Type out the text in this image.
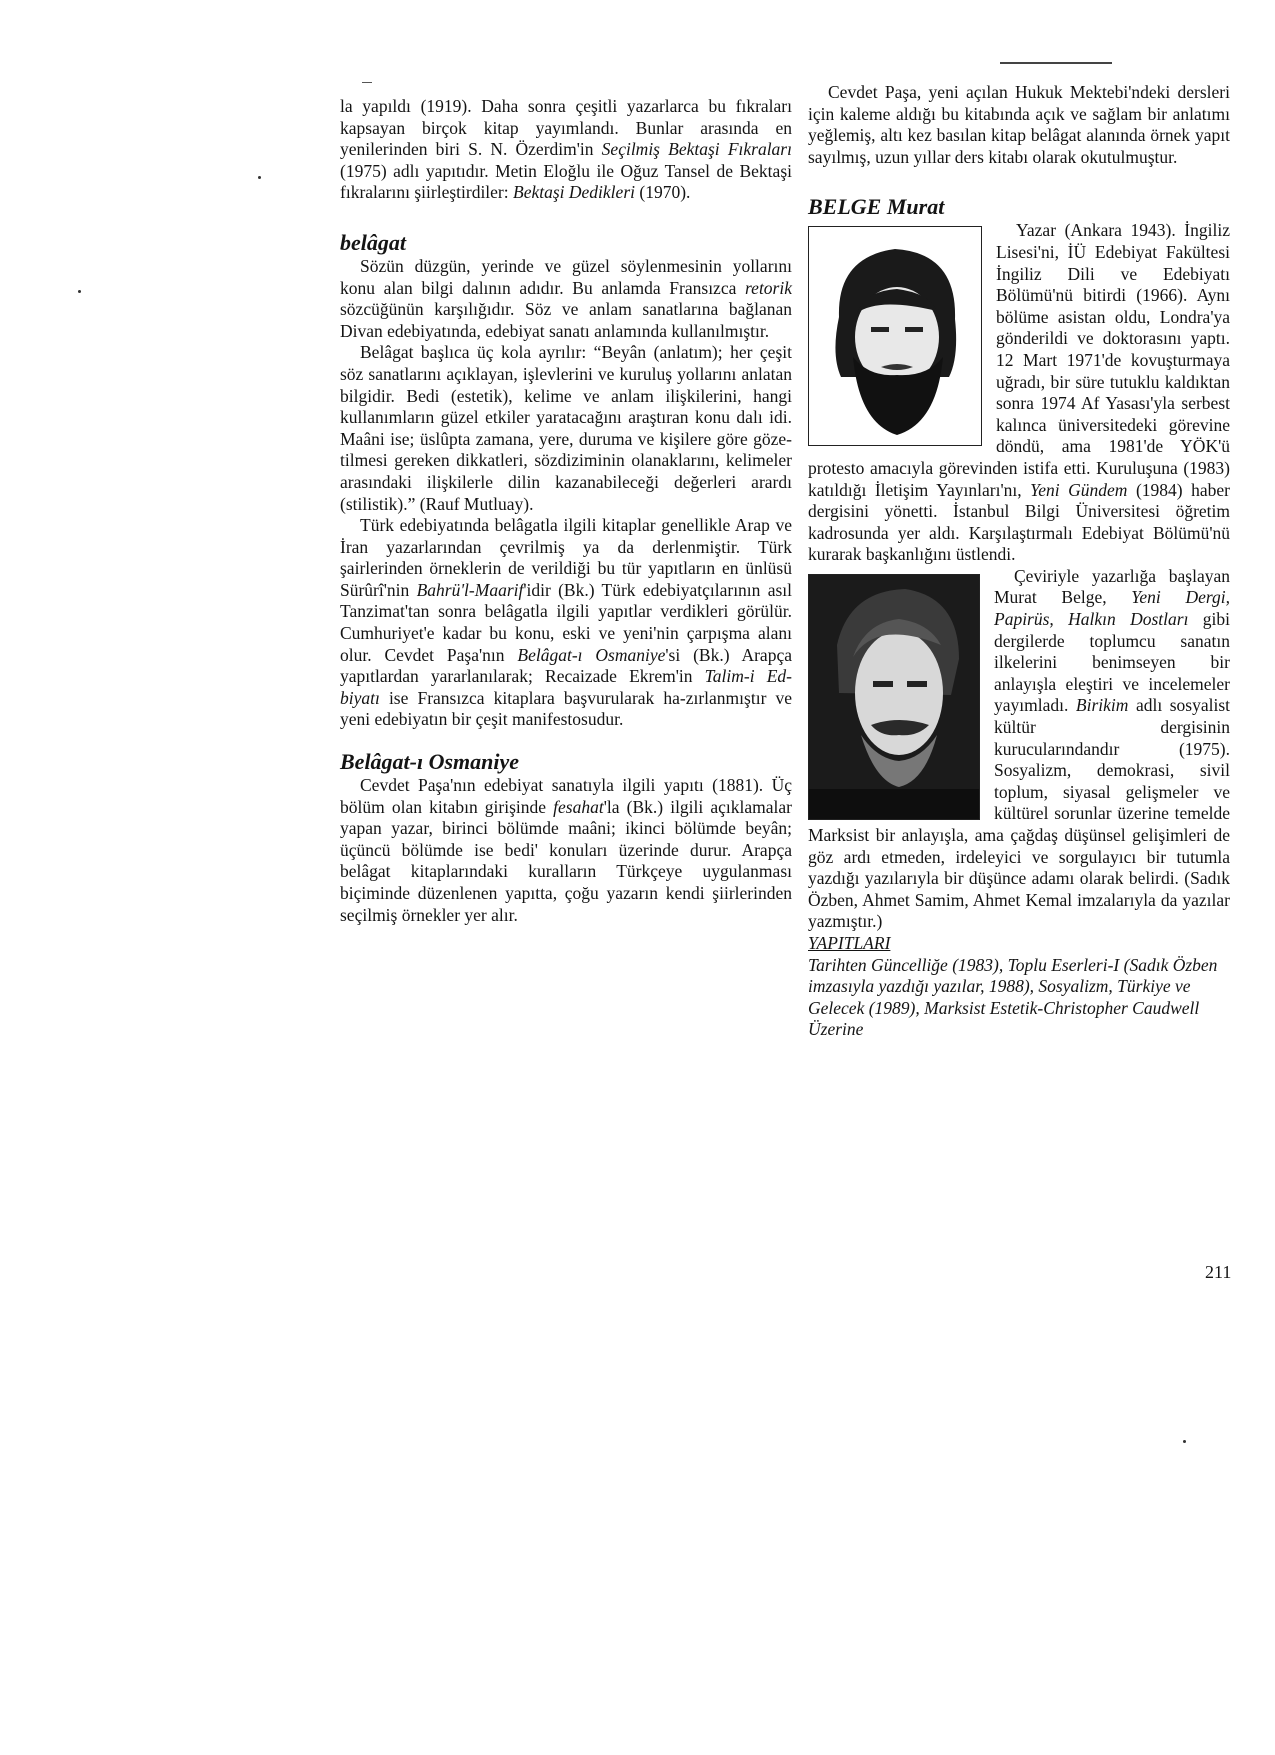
la yapıldı (1919). Daha sonra çeşitli yazarlarca bu fıkraları kapsayan birçok kitap yayımlandı. Bunlar arasında en yenilerinden biri S. N. Özerdim'in Seçilmiş Bektaşi Fıkraları (1975) adlı yapıtıdır. Metin Eloğlu ile Oğuz Tansel de Bektaşi fıkralarını şiirleştirdiler: Bektaşi Dedikleri (1970).

belâgat

Sözün düzgün, yerinde ve güzel söylenmesinin yollarını konu alan bilgi dalının adıdır. Bu anlamda Fransızca retorik sözcüğünün karşılığıdır. Söz ve anlam sanatlarına bağlanan Divan edebiyatında, edebiyat sanatı anlamında kullanılmıştır.

Belâgat başlıca üç kola ayrılır: “Beyân (anlatım); her çeşit söz sanatlarını açıklayan, işlevlerini ve kuruluş yollarını anlatan bilgidir. Bedi (estetik), kelime ve anlam ilişkilerini, hangi kullanımların güzel etkiler yaratacağını araştıran konu dalı idi. Maâni ise; üslûpta zamana, yere, duruma ve kişilere göre göze-tilmesi gereken dikkatleri, sözdiziminin olanaklarını, kelimeler arasındaki ilişkilerle dilin kazanabileceği değerleri arardı (stilistik).” (Rauf Mutluay).

Türk edebiyatında belâgatla ilgili kitaplar genellikle Arap ve İran yazarlarından çevrilmiş ya da derlenmiştir. Türk şairlerinden örneklerin de verildiği bu tür yapıtların en ünlüsü Sürûrî'nin Bahrü'l-Maarif'idir (Bk.) Türk edebiyatçılarının asıl Tanzimat'tan sonra belâgatla ilgili yapıtlar verdikleri görülür. Cumhuriyet'e kadar bu konu, eski ve yeni'nin çarpışma alanı olur. Cevdet Paşa'nın Belâgat-ı Osmaniye'si (Bk.) Arapça yapıtlardan yararlanılarak; Recaizade Ekrem'in Talim-i Ed-biyatı ise Fransızca kitaplara başvurularak ha-zırlanmıştır ve yeni edebiyatın bir çeşit manifestosudur.

Belâgat-ı Osmaniye

Cevdet Paşa'nın edebiyat sanatıyla ilgili yapıtı (1881). Üç bölüm olan kitabın girişinde fesahat'la (Bk.) ilgili açıklamalar yapan yazar, birinci bölümde maâni; ikinci bölümde beyân; üçüncü bölümde ise bedi' konuları üzerinde durur. Arapça belâgat kitaplarındaki kuralların Türkçeye uygulanması biçiminde düzenlenen yapıtta, çoğu yazarın kendi şiirlerinden seçilmiş örnekler yer alır.

Cevdet Paşa, yeni açılan Hukuk Mektebi'ndeki dersleri için kaleme aldığı bu kitabında açık ve sağlam bir anlatımı yeğlemiş, altı kez basılan kitap belâgat alanında örnek yapıt sayılmış, uzun yıllar ders kitabı olarak okutulmuştur.

BELGE Murat

Yazar (Ankara 1943). İngiliz Lisesi'ni, İÜ Edebiyat Fakültesi İngiliz Dili ve Edebiyatı Bölümü'nü bitirdi (1966). Aynı bölüme asistan oldu, Londra'ya gönderildi ve doktorasını yaptı. 12 Mart 1971'de kovuşturmaya uğradı, bir süre tutuklu kaldıktan sonra 1974 Af Yasası'yla serbest kalınca üniversitedeki görevine döndü, ama 1981'de YÖK'ü protesto amacıyla görevinden istifa etti. Kuruluşuna (1983) katıldığı İletişim Yayınları'nı, Yeni Gündem (1984) haber dergisini yönetti. İstanbul Bilgi Üniversitesi öğretim kadrosunda yer aldı. Karşılaştırmalı Edebiyat Bölümü'nü kurarak başkanlığını üstlendi.

Çeviriyle yazarlığa başlayan Murat Belge, Yeni Dergi, Papirüs, Halkın Dostları gibi dergilerde toplumcu sanatın ilkelerini benimseyen bir anlayışla eleştiri ve incelemeler yayımladı. Birikim adlı sosyalist kültür dergisinin kurucularındandır (1975). Sosyalizm, demokrasi, sivil toplum, siyasal gelişmeler ve kültürel sorunlar üzerine temelde Marksist bir anlayışla, ama çağdaş düşünsel gelişimleri de göz ardı etmeden, irdeleyici ve sorgulayıcı bir tutumla yazdığı yazılarıyla bir düşünce adamı olarak belirdi. (Sadık Özben, Ahmet Samim, Ahmet Kemal imzalarıyla da yazılar yazmıştır.)

YAPITLARI

Tarihten Güncelliğe (1983), Toplu Eserleri-I (Sadık Özben imzasıyla yazdığı yazılar, 1988), Sosyalizm, Türkiye ve Gelecek (1989), Marksist Estetik-Christopher Caudwell Üzerine

211
